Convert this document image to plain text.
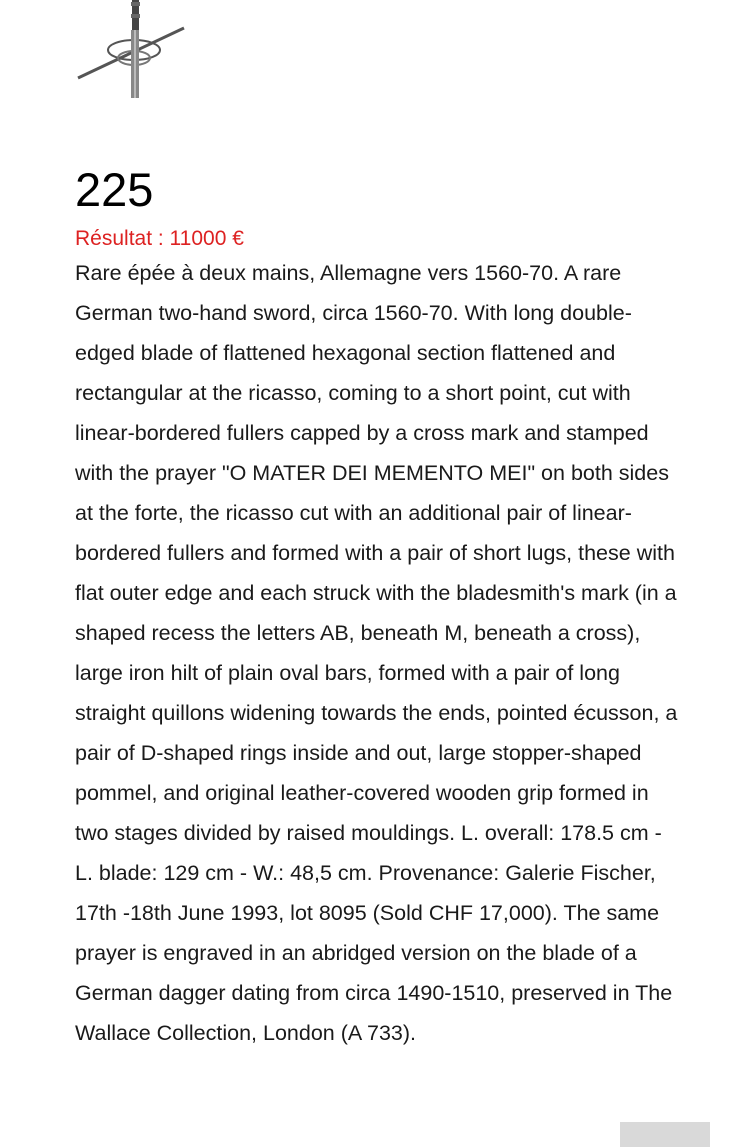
225
Résultat : 11000 €

Rare épée à deux mains, Allemagne vers 1560-70. A rare German two-hand sword, circa 1560-70. With long double-edged blade of flattened hexagonal section flattened and rectangular at the ricasso, coming to a short point, cut with linear-bordered fullers capped by a cross mark and stamped with the prayer "O MATER DEI MEMENTO MEI" on both sides at the forte, the ricasso cut with an additional pair of linear-bordered fullers and formed with a pair of short lugs, these with flat outer edge and each struck with the bladesmith's mark (in a shaped recess the letters AB, beneath M, beneath a cross), large iron hilt of plain oval bars, formed with a pair of long straight quillons widening towards the ends, pointed écusson, a pair of D-shaped rings inside and out, large stopper-shaped pommel, and original leather-covered wooden grip formed in two stages divided by raised mouldings. L. overall: 178.5 cm - L. blade: 129 cm - W.: 48,5 cm. Provenance: Galerie Fischer, 17th -18th June 1993, lot 8095 (Sold CHF 17,000). The same prayer is engraved in an abridged version on the blade of a German dagger dating from circa 1490-1510, preserved in The Wallace Collection, London (A 733).
